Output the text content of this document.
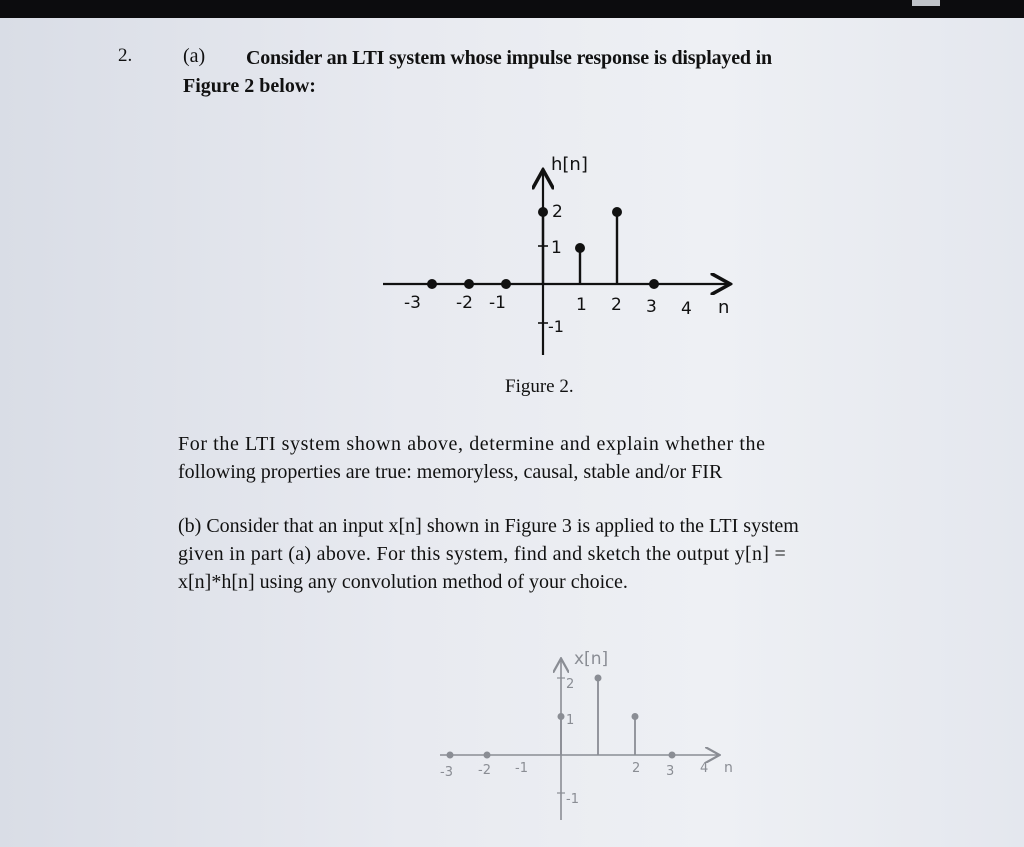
2.	(a) Consider an LTI system whose impulse response is displayed in
Figure 2 below:
h[n]
n
2
1
-1
-3 -2 -1	1 2 3 4
x[n]
n
2
1
-1
-3 -2 -1	2 3 4
Figure 2.
For the LTI system shown above, determine and explain whether the
following properties are true: memoryless, causal, stable and/or FIR
(b) Consider that an input x[n] shown in Figure 3 is applied to the LTI system
given in part (a) above. For this system, find and sketch the output y[n] =
x[n]*h[n] using any convolution method of your choice.
